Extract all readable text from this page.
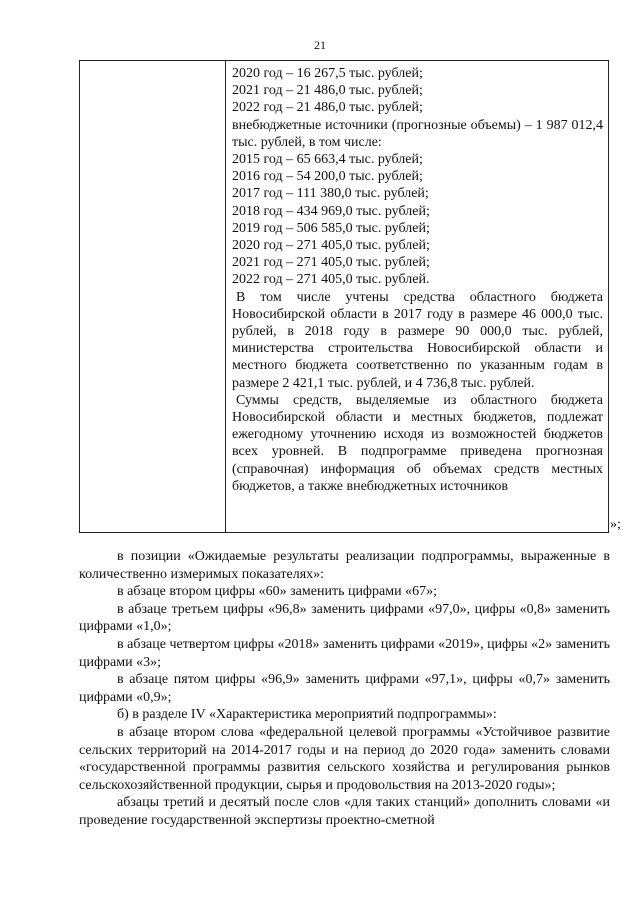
21
2020 год – 16 267,5 тыс. рублей;
2021 год – 21 486,0 тыс. рублей;
2022 год – 21 486,0 тыс. рублей;

внебюджетные источники (прогнозные объемы) – 1 987 012,4 тыс. рублей, в том числе:

2015 год – 65 663,4 тыс. рублей;
2016 год – 54 200,0 тыс. рублей;
2017 год – 111 380,0 тыс. рублей;
2018 год – 434 969,0 тыс. рублей;
2019 год – 506 585,0 тыс. рублей;
2020 год – 271 405,0 тыс. рублей;
2021 год – 271 405,0 тыс. рублей;
2022 год – 271 405,0 тыс. рублей.

В том числе учтены средства областного бюджета Новосибирской области в 2017 году в размере 46 000,0 тыс. рублей, в 2018 году в размере 90 000,0 тыс. рублей, министерства строительства Новосибирской области и местного бюджета соответственно по указанным годам в размере 2 421,1 тыс. рублей, и 4 736,8 тыс. рублей.

Суммы средств, выделяемые из областного бюджета Новосибирской области и местных бюджетов, подлежат ежегодному уточнению исходя из возможностей бюджетов всех уровней. В подпрограмме приведена прогнозная (справочная) информация об объемах средств местных бюджетов, а также внебюджетных источников

»;

в позиции «Ожидаемые результаты реализации подпрограммы, выраженные в количественно измеримых показателях»:

в абзаце втором цифры «60» заменить цифрами «67»;

в абзаце третьем цифры «96,8» заменить цифрами «97,0», цифры «0,8» заменить цифрами «1,0»;

в абзаце четвертом цифры «2018» заменить цифрами «2019», цифры «2» заменить цифрами «3»;

в абзаце пятом цифры «96,9» заменить цифрами «97,1», цифры «0,7» заменить цифрами «0,9»;

б) в разделе IV «Характеристика мероприятий подпрограммы»:

в абзаце втором слова «федеральной целевой программы «Устойчивое развитие сельских территорий на 2014-2017 годы и на период до 2020 года» заменить словами «государственной программы развития сельского хозяйства и регулирования рынков сельскохозяйственной продукции, сырья и продовольствия на 2013-2020 годы»;

абзацы третий и десятый после слов «для таких станций» дополнить словами «и проведение государственной экспертизы проектно-сметной
